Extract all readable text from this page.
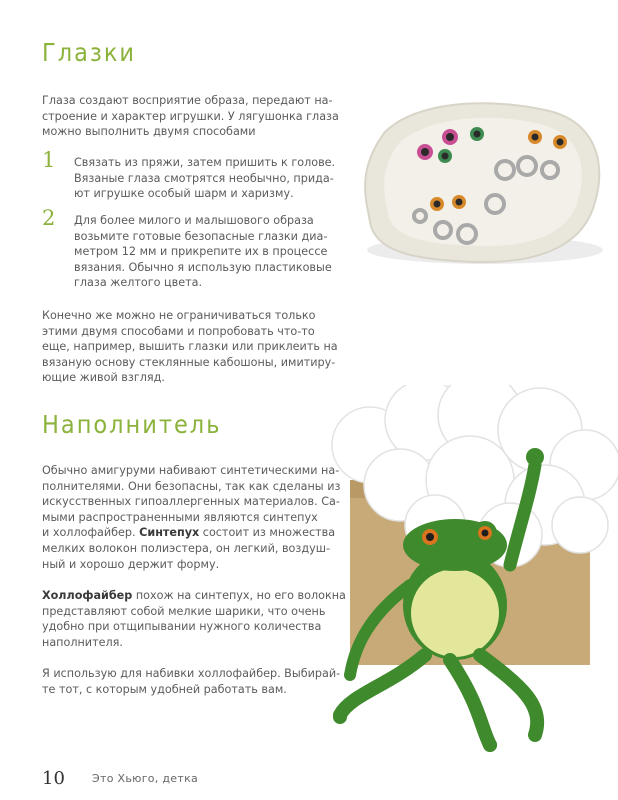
Глазки

Глаза создают восприятие образа, передают на-
строение и характер игрушки. У лягушонка глаза
можно выполнить двумя способами

1 Связать из пряжи, затем пришить к голове.
Вязаные глаза смотрятся необычно, прида-
ют игрушке особый шарм и харизму.

2 Для более милого и малышового образа
возьмите готовые безопасные глазки диа-
метром 12 мм и прикрепите их в процессе
вязания. Обычно я использую пластиковые
глаза желтого цвета.

Конечно же можно не ограничиваться только
этими двумя способами и попробовать что-то
еще, например, вышить глазки или приклеить на
вязаную основу стеклянные кабошоны, имитиру-
ющие живой взгляд.

Наполнитель

Обычно амигуруми набивают синтетическими на-
полнителями. Они безопасны, так как сделаны из
искусственных гипоаллергенных материалов. Са-
мыми распространенными являются синтепух
и холлофайбер. Синтепух состоит из множества
мелких волокон полиэстера, он легкий, воздуш-
ный и хорошо держит форму.

Холлофайбер похож на синтепух, но его волокна
представляют собой мелкие шарики, что очень
удобно при отщипывании нужного количества
наполнителя.

Я использую для набивки холлофайбер. Выбирай-
те тот, с которым удобней работать вам.

10 Это Хьюго, детка
